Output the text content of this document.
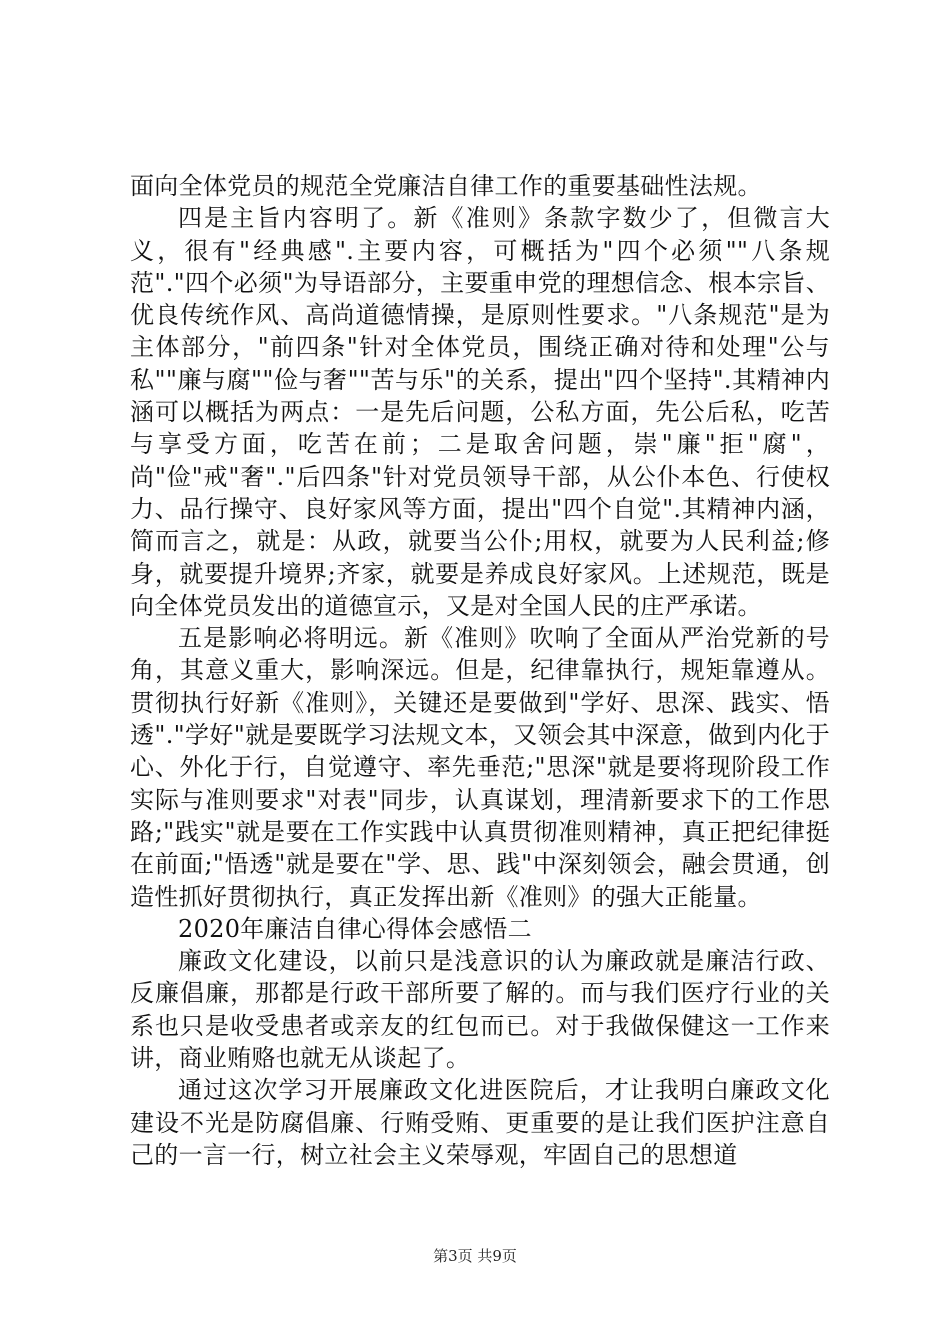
面向全体党员的规范全党廉洁自律工作的重要基础性法规。

四是主旨内容明了。新《准则》条款字数少了，但微言大义，很有"经典感".主要内容，可概括为"四个必须""八条规范"."四个必须"为导语部分，主要重申党的理想信念、根本宗旨、优良传统作风、高尚道德情操，是原则性要求。"八条规范"是为主体部分，"前四条"针对全体党员，围绕正确对待和处理"公与私""廉与腐""俭与奢""苦与乐"的关系，提出"四个坚持".其精神内涵可以概括为两点：一是先后问题，公私方面，先公后私，吃苦与享受方面，吃苦在前；二是取舍问题，崇"廉"拒"腐"，尚"俭"戒"奢"."后四条"针对党员领导干部，从公仆本色、行使权力、品行操守、良好家风等方面，提出"四个自觉".其精神内涵，简而言之，就是：从政，就要当公仆;用权，就要为人民利益;修身，就要提升境界;齐家，就要是养成良好家风。上述规范，既是向全体党员发出的道德宣示，又是对全国人民的庄严承诺。

五是影响必将明远。新《准则》吹响了全面从严治党新的号角，其意义重大，影响深远。但是，纪律靠执行，规矩靠遵从。贯彻执行好新《准则》，关键还是要做到"学好、思深、践实、悟透"."学好"就是要既学习法规文本，又领会其中深意，做到内化于心、外化于行，自觉遵守、率先垂范;"思深"就是要将现阶段工作实际与准则要求"对表"同步，认真谋划，理清新要求下的工作思路;"践实"就是要在工作实践中认真贯彻准则精神，真正把纪律挺在前面;"悟透"就是要在"学、思、践"中深刻领会，融会贯通，创造性抓好贯彻执行，真正发挥出新《准则》的强大正能量。

2020年廉洁自律心得体会感悟二

廉政文化建设，以前只是浅意识的认为廉政就是廉洁行政、反廉倡廉，那都是行政干部所要了解的。而与我们医疗行业的关系也只是收受患者或亲友的红包而已。对于我做保健这一工作来讲，商业贿赂也就无从谈起了。

通过这次学习开展廉政文化进医院后，才让我明白廉政文化建设不光是防腐倡廉、行贿受贿、更重要的是让我们医护注意自己的一言一行，树立社会主义荣辱观，牢固自己的思想道

第3页 共9页
